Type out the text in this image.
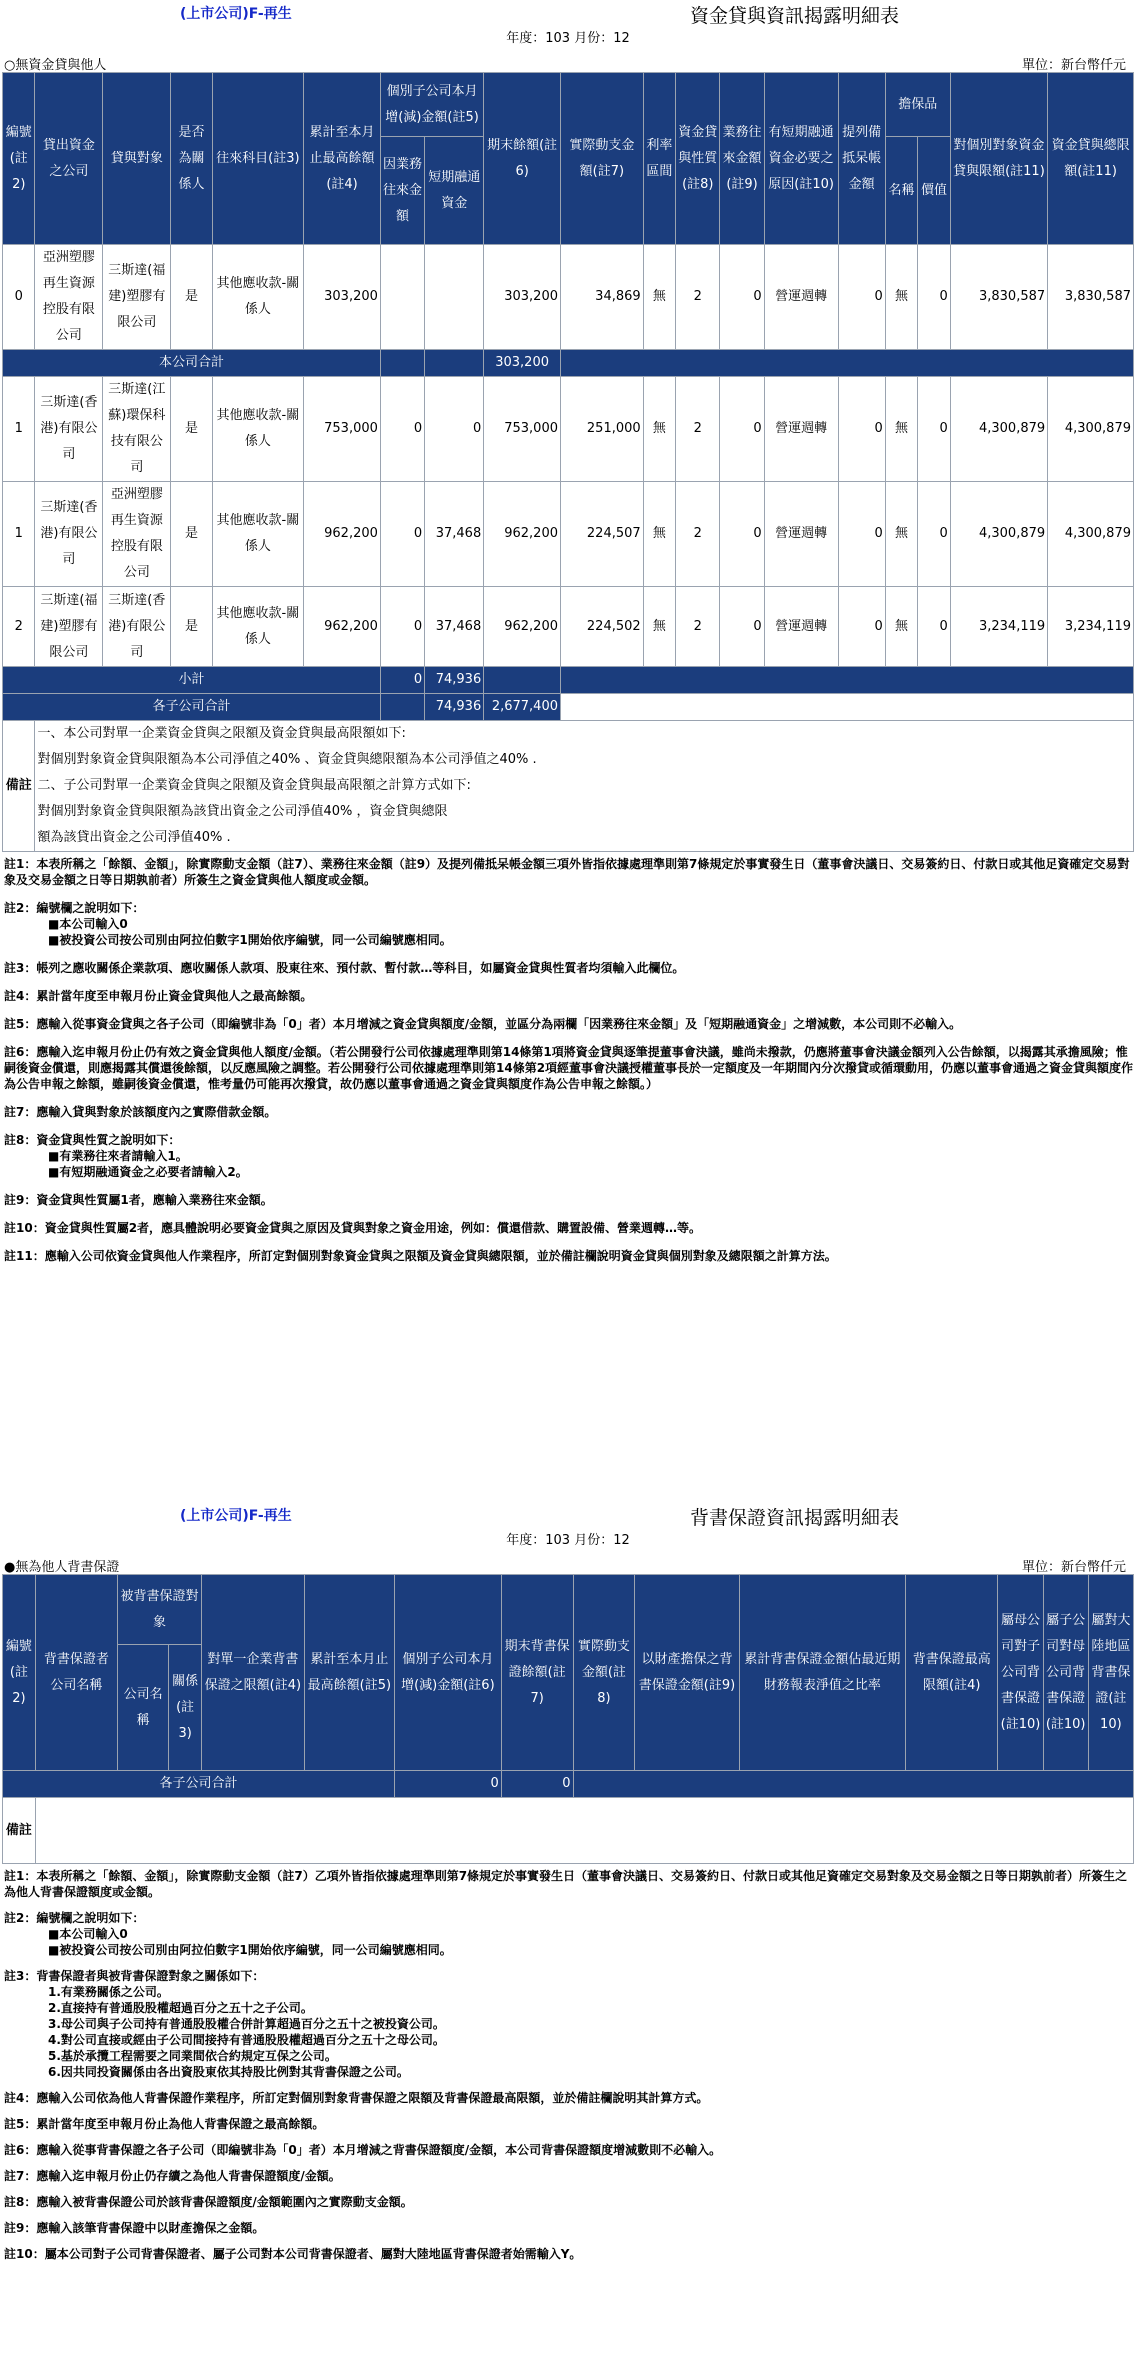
(上市公司)F-再生	資金貸與資訊揭露明細表
年度：103 月份：12
○無資金貸與他人	單位：新台幣仟元
編號(註2)	貸出資金之公司	貸與對象	是否為關係人	往來科目(註3)	累計至本月止最高餘額(註4)	個別子公司本月增(減)金額(註5)		期末餘額(註6)	實際動支金額(註7)	利率區間	資金貸與性質(註8)	業務往來金額(註9)	有短期融通資金必要之原因(註10)	提列備抵呆帳金額	擔保品		對個別對象資金貸與限額(註11)	資金貸與總限額(註11)
						因業務往來金額	短期融通資金								名稱	價值		
0	亞洲塑膠再生資源控股有限公司	三斯達(福建)塑膠有限公司	是	其他應收款-關係人	303,200			303,200	34,869	無	2	0	營運週轉	0	無	0	3,830,587	3,830,587
本公司合計								303,200										
1	三斯達(香港)有限公司	三斯達(江蘇)環保科技有限公司	是	其他應收款-關係人	753,000	0	0	753,000	251,000	無	2	0	營運週轉	0	無	0	4,300,879	4,300,879
1	三斯達(香港)有限公司	亞洲塑膠再生資源控股有限公司	是	其他應收款-關係人	962,200	0	37,468	962,200	224,507	無	2	0	營運週轉	0	無	0	4,300,879	4,300,879
2	三斯達(福建)塑膠有限公司	三斯達(香港)有限公司	是	其他應收款-關係人	962,200	0	37,468	962,200	224,502	無	2	0	營運週轉	0	無	0	3,234,119	3,234,119
小計						0	74,936											
各子公司合計							74,936	2,677,400										
備註	一、本公司對單一企業資金貸與之限額及資金貸與最高限額如下:
對個別對象資金貸與限額為本公司淨值之40% 、資金貸與總限額為本公司淨值之40% .
二、子公司對單一企業資金貸與之限額及資金貸與最高限額之計算方式如下:
對個別對象資金貸與限額為該貸出資金之公司淨值40% ，資金貸與總限
額為該貸出資金之公司淨值40% .																	

註1：本表所稱之「餘額、金額」，除實際動支金額（註7）、業務往來金額（註9）及提列備抵呆帳金額三項外皆指依據處理準則第7條規定於事實發生日（董事會決議日、交易簽約日、付款日或其他足資確定交易對象及交易金額之日等日期孰前者）所簽生之資金貸與他人額度或金額。

註2：編號欄之說明如下：
■本公司輸入0
■被投資公司按公司別由阿拉伯數字1開始依序編號，同一公司編號應相同。

註3：帳列之應收關係企業款項、應收關係人款項、股東往來、預付款、暫付款…等科目，如屬資金貸與性質者均須輸入此欄位。

註4：累計當年度至申報月份止資金貸與他人之最高餘額。

註5：應輸入從事資金貸與之各子公司（即編號非為「0」者）本月增減之資金貸與額度/金額，並區分為兩欄「因業務往來金額」及「短期融通資金」之增減數，本公司則不必輸入。

註6：應輸入迄申報月份止仍有效之資金貸與他人額度/金額。（若公開發行公司依據處理準則第14條第1項將資金貸與逐筆提董事會決議，雖尚未撥款，仍應將董事會決議金額列入公告餘額，以揭露其承擔風險；惟嗣後資金償還，則應揭露其償還後餘額，以反應風險之調整。若公開發行公司依據處理準則第14條第2項經董事會決議授權董事長於一定額度及一年期間內分次撥貸或循環動用，仍應以董事會通過之資金貸與額度作為公告申報之餘額，雖嗣後資金償還，惟考量仍可能再次撥貸，故仍應以董事會通過之資金貸與額度作為公告申報之餘額。）

註7：應輸入貸與對象於該額度內之實際借款金額。

註8：資金貸與性質之說明如下：
■有業務往來者請輸入1。
■有短期融通資金之必要者請輸入2。

註9：資金貸與性質屬1者，應輸入業務往來金額。

註10：資金貸與性質屬2者，應具體說明必要資金貸與之原因及貸與對象之資金用途，例如：償還借款、購置設備、營業週轉…等。

註11：應輸入公司依資金貸與他人作業程序，所訂定對個別對象資金貸與之限額及資金貸與總限額，並於備註欄說明資金貸與個別對象及總限額之計算方法。

(上市公司)F-再生	背書保證資訊揭露明細表
年度：103 月份：12
●無為他人背書保證	單位：新台幣仟元
編號(註2)	背書保證者公司名稱	被背書保證對象		對單一企業背書保證之限額(註4)	累計至本月止最高餘額(註5)	個別子公司本月增(減)金額(註6)	期末背書保證餘額(註7)	實際動支金額(註8)	以財產擔保之背書保證金額(註9)	累計背書保證金額佔最近期財務報表淨值之比率	背書保證最高限額(註4)	屬母公司對子公司背書保證(註10)	屬子公司對母公司背書保證(註10)	屬對大陸地區背書保證(註10)
		公司名稱	關係(註3)											
各子公司合計						0	0							
備註														

註1：本表所稱之「餘額、金額」，除實際動支金額（註7）乙項外皆指依據處理準則第7條規定於事實發生日（董事會決議日、交易簽約日、付款日或其他足資確定交易對象及交易金額之日等日期孰前者）所簽生之為他人背書保證額度或金額。

註2：編號欄之說明如下：
■本公司輸入0
■被投資公司按公司別由阿拉伯數字1開始依序編號，同一公司編號應相同。

註3：背書保證者與被背書保證對象之關係如下：
1.有業務關係之公司。
2.直接持有普通股股權超過百分之五十之子公司。
3.母公司與子公司持有普通股股權合併計算超過百分之五十之被投資公司。
4.對公司直接或經由子公司間接持有普通股股權超過百分之五十之母公司。
5.基於承攬工程需要之同業間依合約規定互保之公司。
6.因共同投資關係由各出資股東依其持股比例對其背書保證之公司。

註4：應輸入公司依為他人背書保證作業程序，所訂定對個別對象背書保證之限額及背書保證最高限額，並於備註欄說明其計算方式。

註5：累計當年度至申報月份止為他人背書保證之最高餘額。

註6：應輸入從事背書保證之各子公司（即編號非為「0」者）本月增減之背書保證額度/金額，本公司背書保證額度增減數則不必輸入。

註7：應輸入迄申報月份止仍存續之為他人背書保證額度/金額。

註8：應輸入被背書保證公司於該背書保證額度/金額範圍內之實際動支金額。

註9：應輸入該筆背書保證中以財產擔保之金額。

註10：屬本公司對子公司背書保證者、屬子公司對本公司背書保證者、屬對大陸地區背書保證者始需輸入Y。
